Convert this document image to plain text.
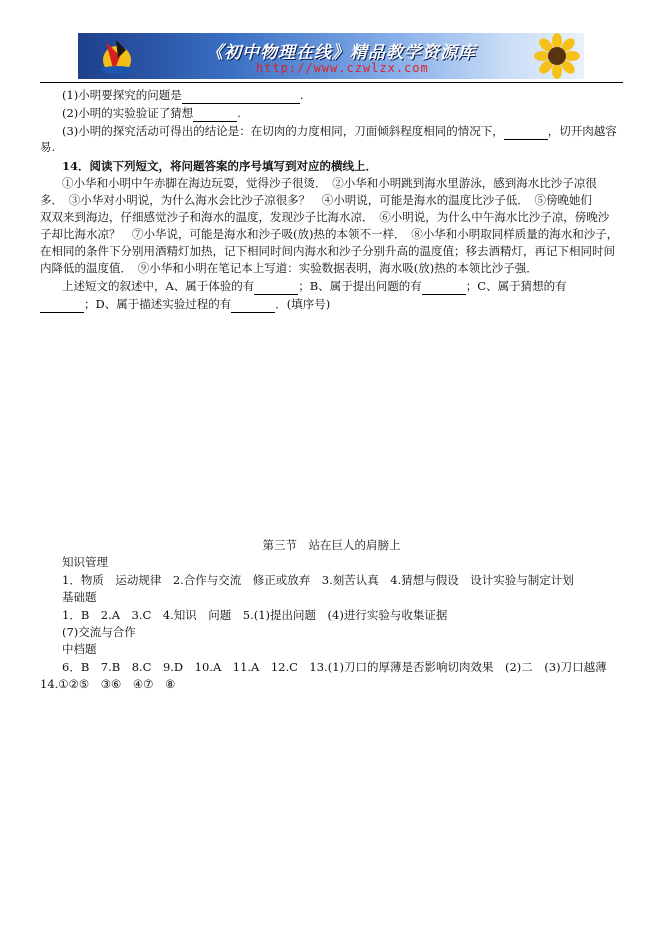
《初中物理在线》精品教学资源库
http://www.czwlzx.com
(1)小明要探究的问题是	.
(2)小明的实验验证了猜想	.
(3)小明的探究活动可得出的结论是：在切肉的力度相同，刀面倾斜程度相同的情况下，	，切开肉越容
易.
14．阅读下列短文，将问题答案的序号填写到对应的横线上．
①小华和小明中午赤脚在海边玩耍，觉得沙子很烫．　②小华和小明跳到海水里游泳，感到海水比沙子凉很
多．　③小华对小明说，为什么海水会比沙子凉很多？　④小明说，可能是海水的温度比沙子低．　⑤傍晚她们
双双来到海边，仔细感觉沙子和海水的温度，发现沙子比海水凉．　⑥小明说，为什么中午海水比沙子凉，傍晚沙
子却比海水凉？　⑦小华说，可能是海水和沙子吸(放)热的本领不一样．　⑧小华和小明取同样质量的海水和沙子，
在相同的条件下分别用酒精灯加热，记下相同时间内海水和沙子分别升高的温度值；移去酒精灯，再记下相同时间
内降低的温度值．　⑨小华和小明在笔记本上写道：实验数据表明，海水吸(放)热的本领比沙子强．
上述短文的叙述中，A、属于体验的有	；B、属于提出问题的有	；C、属于猜想的有
；D、属于描述实验过程的有	．(填序号)
第三节　站在巨人的肩膀上
知识管理
1．物质　运动规律　2.合作与交流　修正或放弃　3.刻苦认真　4.猜想与假设　设计实验与制定计划
基础题
1．B　2.A　3.C　4.知识　问题　5.(1)提出问题　(4)进行实验与收集证据
(7)交流与合作
中档题
6．B　7.B　8.C　9.D　10.A　11.A　12.C　13.(1)刀口的厚薄是否影响切肉效果　(2)二　(3)刀口越薄
14.①②⑤　③⑥　④⑦　⑧
